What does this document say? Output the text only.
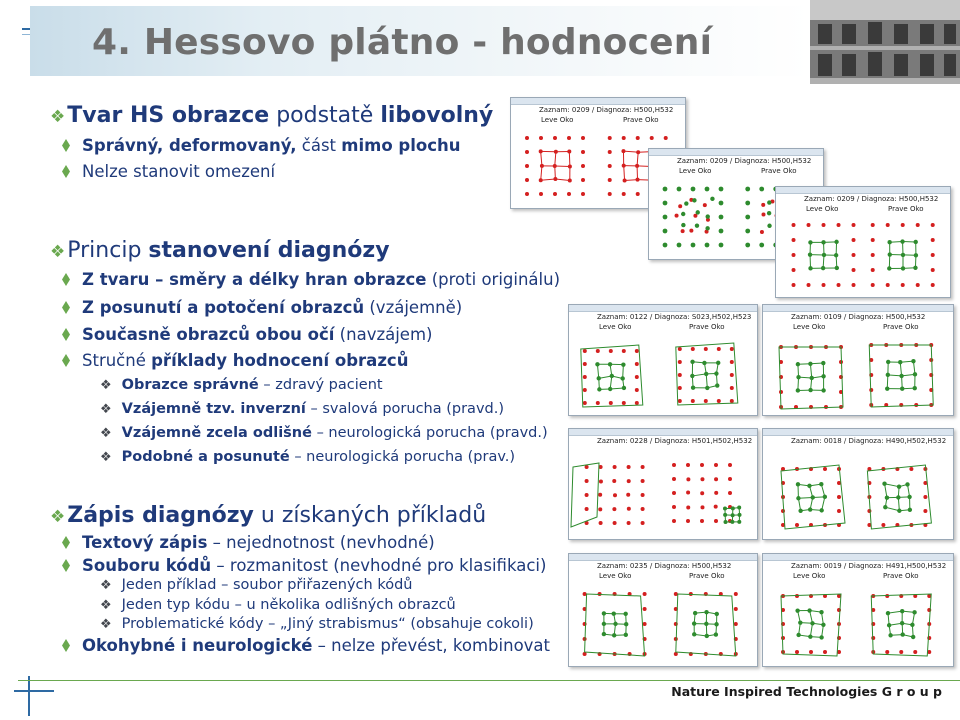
4. Hessovo plátno - hodnocení
❖Tvar HS obrazce podstatě libovolný
Správný, deformovaný, část mimo plochu
Nelze stanovit omezení
❖Princip stanovení diagnózy
Z tvaru – směry a délky hran obrazce (proti originálu)
Z posunutí a potočení obrazců (vzájemně)
Současně obrazců obou očí (navzájem)
Stručné příklady hodnocení obrazců
❖ Obrazce správné – zdravý pacient
❖ Vzájemně tzv. inverzní – svalová porucha (pravd.)
❖ Vzájemně zcela odlišné – neurologická porucha (pravd.)
❖ Podobné a posunuté – neurologická porucha (prav.)
❖Zápis diagnózy u získaných příkladů
Textový zápis – nejednotnost (nevhodné)
Souboru kódů – rozmanitost (nevhodné pro klasifikaci)
❖ Jeden příklad – soubor přiřazených kódů
❖ Jeden typ kódu – u několika odlišných obrazců
❖ Problematické kódy – „Jiný strabismus“ (obsahuje cokoli)
Okohybné i neurologické – nelze převést, kombinovat
Zaznam: 0209 / Diagnoza: H500,H532
Leve Oko	Prave Oko
Zaznam: 0209 / Diagnoza: H500,H532
Leve Oko	Prave Oko
Zaznam: 0209 / Diagnoza: H500,H532
Leve Oko	Prave Oko
Zaznam: 0122 / Diagnoza: S023,H502,H523
Leve Oko	Prave Oko
Zaznam: 0109 / Diagnoza: H500,H532
Leve Oko	Prave Oko
Zaznam: 0228 / Diagnoza: H501,H502,H532	Zaznam: 0018 / Diagnoza: H490,H502,H532
Zaznam: 0235 / Diagnoza: H500,H532
Leve Oko	Prave Oko
Zaznam: 0019 / Diagnoza: H491,H500,H532
Leve Oko	Prave Oko
Nature Inspired Technologies G r o u p
